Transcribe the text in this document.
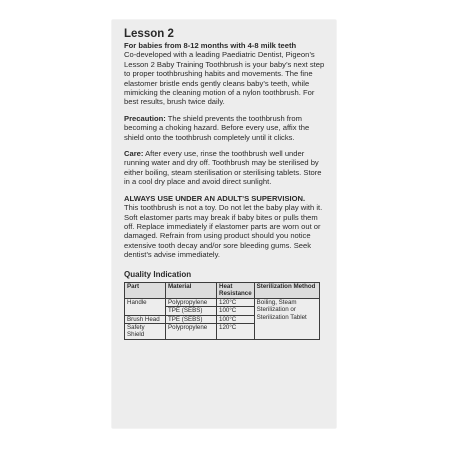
Lesson 2

For babies from 8-12 months with 4-8 milk teeth

Co-developed with a leading Paediatric Dentist, Pigeon’s Lesson 2 Baby Training Toothbrush is your baby’s next step to proper toothbrushing habits and movements. The fine elastomer bristle ends gently cleans baby’s teeth, while mimicking the cleaning motion of a nylon toothbrush. For best results, brush twice daily.

Precaution: The shield prevents the toothbrush from becoming a choking hazard. Before every use, affix the shield onto the toothbrush completely until it clicks.

Care: After every use, rinse the toothbrush well under running water and dry off. Toothbrush may be sterilised by either boiling, steam sterilisation or sterilising tablets. Store in a cool dry place and avoid direct sunlight.

ALWAYS USE UNDER AN ADULT’S SUPERVISION.

This toothbrush is not a toy. Do not let the baby play with it. Soft elastomer parts may break if baby bites or pulls them off. Replace immediately if elastomer parts are worn out or damaged. Refrain from using product should you notice extensive tooth decay and/or sore bleeding gums. Seek dentist’s advise immediately.

Quality Indication
Part	Material	Heat Resistance	Sterilization Method
Handle	Polypropylene	120°C	Boiling, Steam Sterilization or Sterilization Tablet
	TPE (SEBS)	100°C	
Brush Head	TPE (SEBS)	100°C	
Safety Shield	Polypropylene	120°C	
